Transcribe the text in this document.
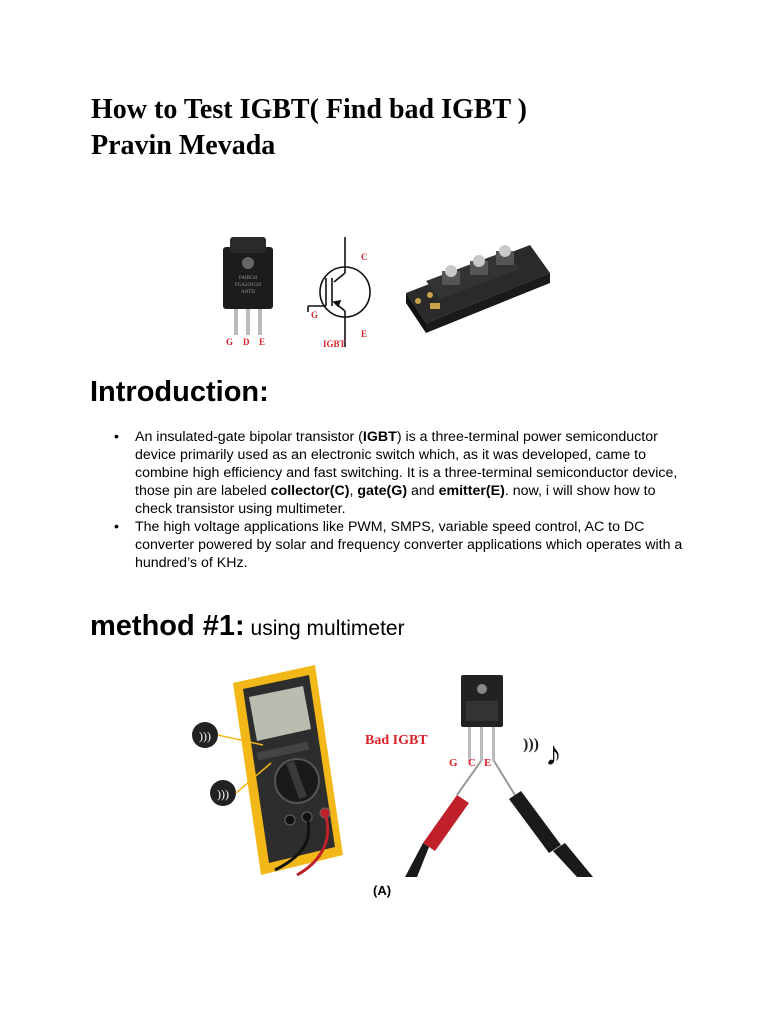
How to Test IGBT( Find bad IGBT )
Pravin Mevada
FAIRCH
FGA25N120
ANTD
G D E
C
G
E
IGBT
Introduction:
• An insulated-gate bipolar transistor (IGBT) is a three-terminal power semiconductor device primarily used as an electronic switch which, as it was developed, came to combine high efficiency and fast switching. It is a three-terminal semiconductor device, those pin are labeled collector(C), gate(G) and emitter(E). now, i will show how to check transistor using multimeter.
• The high voltage applications like PWM, SMPS, variable speed control, AC to DC converter powered by solar and frequency converter applications which operates with a hundred’s of KHz.
method #1: using multimeter
)))
)))
Bad IGBT
G C E
))) ♪
(A)
